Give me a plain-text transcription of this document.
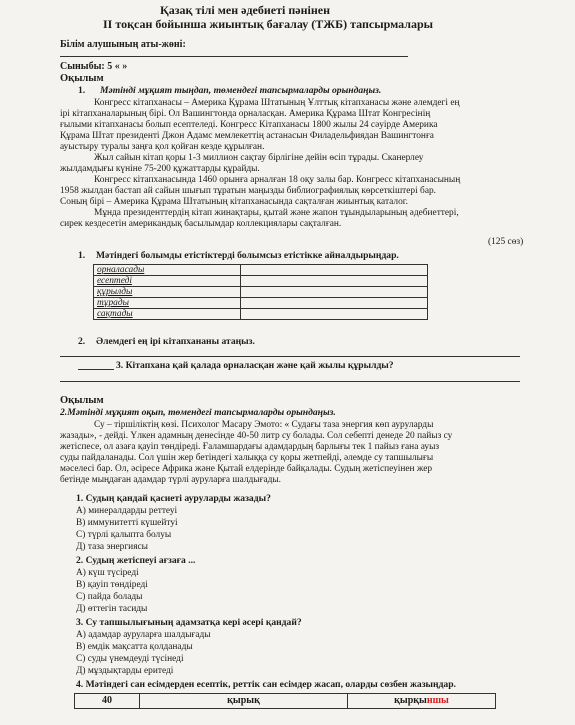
Қазақ тілі мен әдебиеті пәнінен
II тоқсан бойынша жиынтық бағалау (ТЖБ) тапсырмалары
Білім алушының аты-жөні:
Сыныбы: 5 « »
Оқылым
1. Мәтінді мұқият тыңдап, төмендегі тапсырмаларды орындаңыз.
Конгресс кітапханасы – Америка Құрама Штатының Ұлттық кітапханасы және әлемдегі ең
ірі кітапханаларының бірі. Ол Вашингтонда орналасқан. Америка Құрама Штат Конгресінің
ғылыми кітапханасы болып есептеледі. Конгресс Кітапханасы 1800 жылы 24 сәуірде Америка
Құрама Штат президенті Джон Адамс мемлекеттің астанасын Филадельфиядан Вашингтонға
ауыстыру туралы заңға қол қойған кезде құрылған.
Жыл сайын кітап қоры 1-3 миллион сақтау бірлігіне дейін өсіп тұрады. Сканерлеу
жылдамдығы күніне 75-200 құжаттарды құрайды.
Конгресс кітапханасында 1460 орынға арналған 18 оқу залы бар. Конгресс кітапханасының
1958 жылдан бастап ай сайын шығып тұратын маңызды библиографиялық көрсеткіштері бар.
Соның бірі – Америка Құрама Штатының кітапханасында сақталған жиынтық каталог.
Мұнда президенттердің кітап жинақтары, қытай және жапон тұындыларының әдебиеттері,
сирек кездесетін американдық басылымдар коллекциялары сақталған.
(125 сөз)
1. Мәтіндегі болымды етістіктерді болымсыз етістікке айналдырыңдар.
орналасады	
есептеді	
құрылды	
тұрады	
сақтады	
2. Әлемдегі ең ірі кітапхананы атаңыз.
3. Кітапхана қай қалада орналасқан және қай жылы құрылды?
Оқылым
2.Мәтінді мұқият оқып, төмендегі тапсырмаларды орындаңыз.
Су – тіршіліктің көзі. Психолог Масару Эмото: « Судағы таза энергия көп ауруларды
жазады», - дейді. Үлкен адамның денесінде 40-50 литр су болады. Сол себепті денеде 20 пайыз су
жетіспесе, ол азаға қауіп төндіреді. Ғаламшардағы адамдардың барлығы тек 1 пайыз ғана ауыз
суды пайдаланады. Сол үшін жер бетіндегі халыққа су қоры жетпейді, әлемде су тапшылығы
мәселесі бар. Ол, әсіресе Африка және Қытай елдерінде байқалады. Судың жетіспеуінен жер
бетінде мыңдаған адамдар түрлі ауруларға шалдығады.
1. Судың қандай қасиеті ауруларды жазады?
А) минералдарды реттеуі
В) иммунитетті күшейтуі
С) түрлі қалыпта болуы
Д) таза энергиясы
2. Судың жетіспеуі ағзаға ...
А) күш түсіреді
В) қауіп төндіреді
С) пайда болады
Д) өттегін тасиды
3. Су тапшылығының адамзатқа кері әсері қандай?
А) адамдар ауруларға шалдығады
В) емдік мақсатта қолданады
С) суды үнемдеуді түсінеді
Д) мұздықтарды еритеді
4. Мәтіндегі сан есімдерден есептік, реттік сан есімдер жасап, оларды сөзбен жазыңдар.
40	қырық	қырқыншы
